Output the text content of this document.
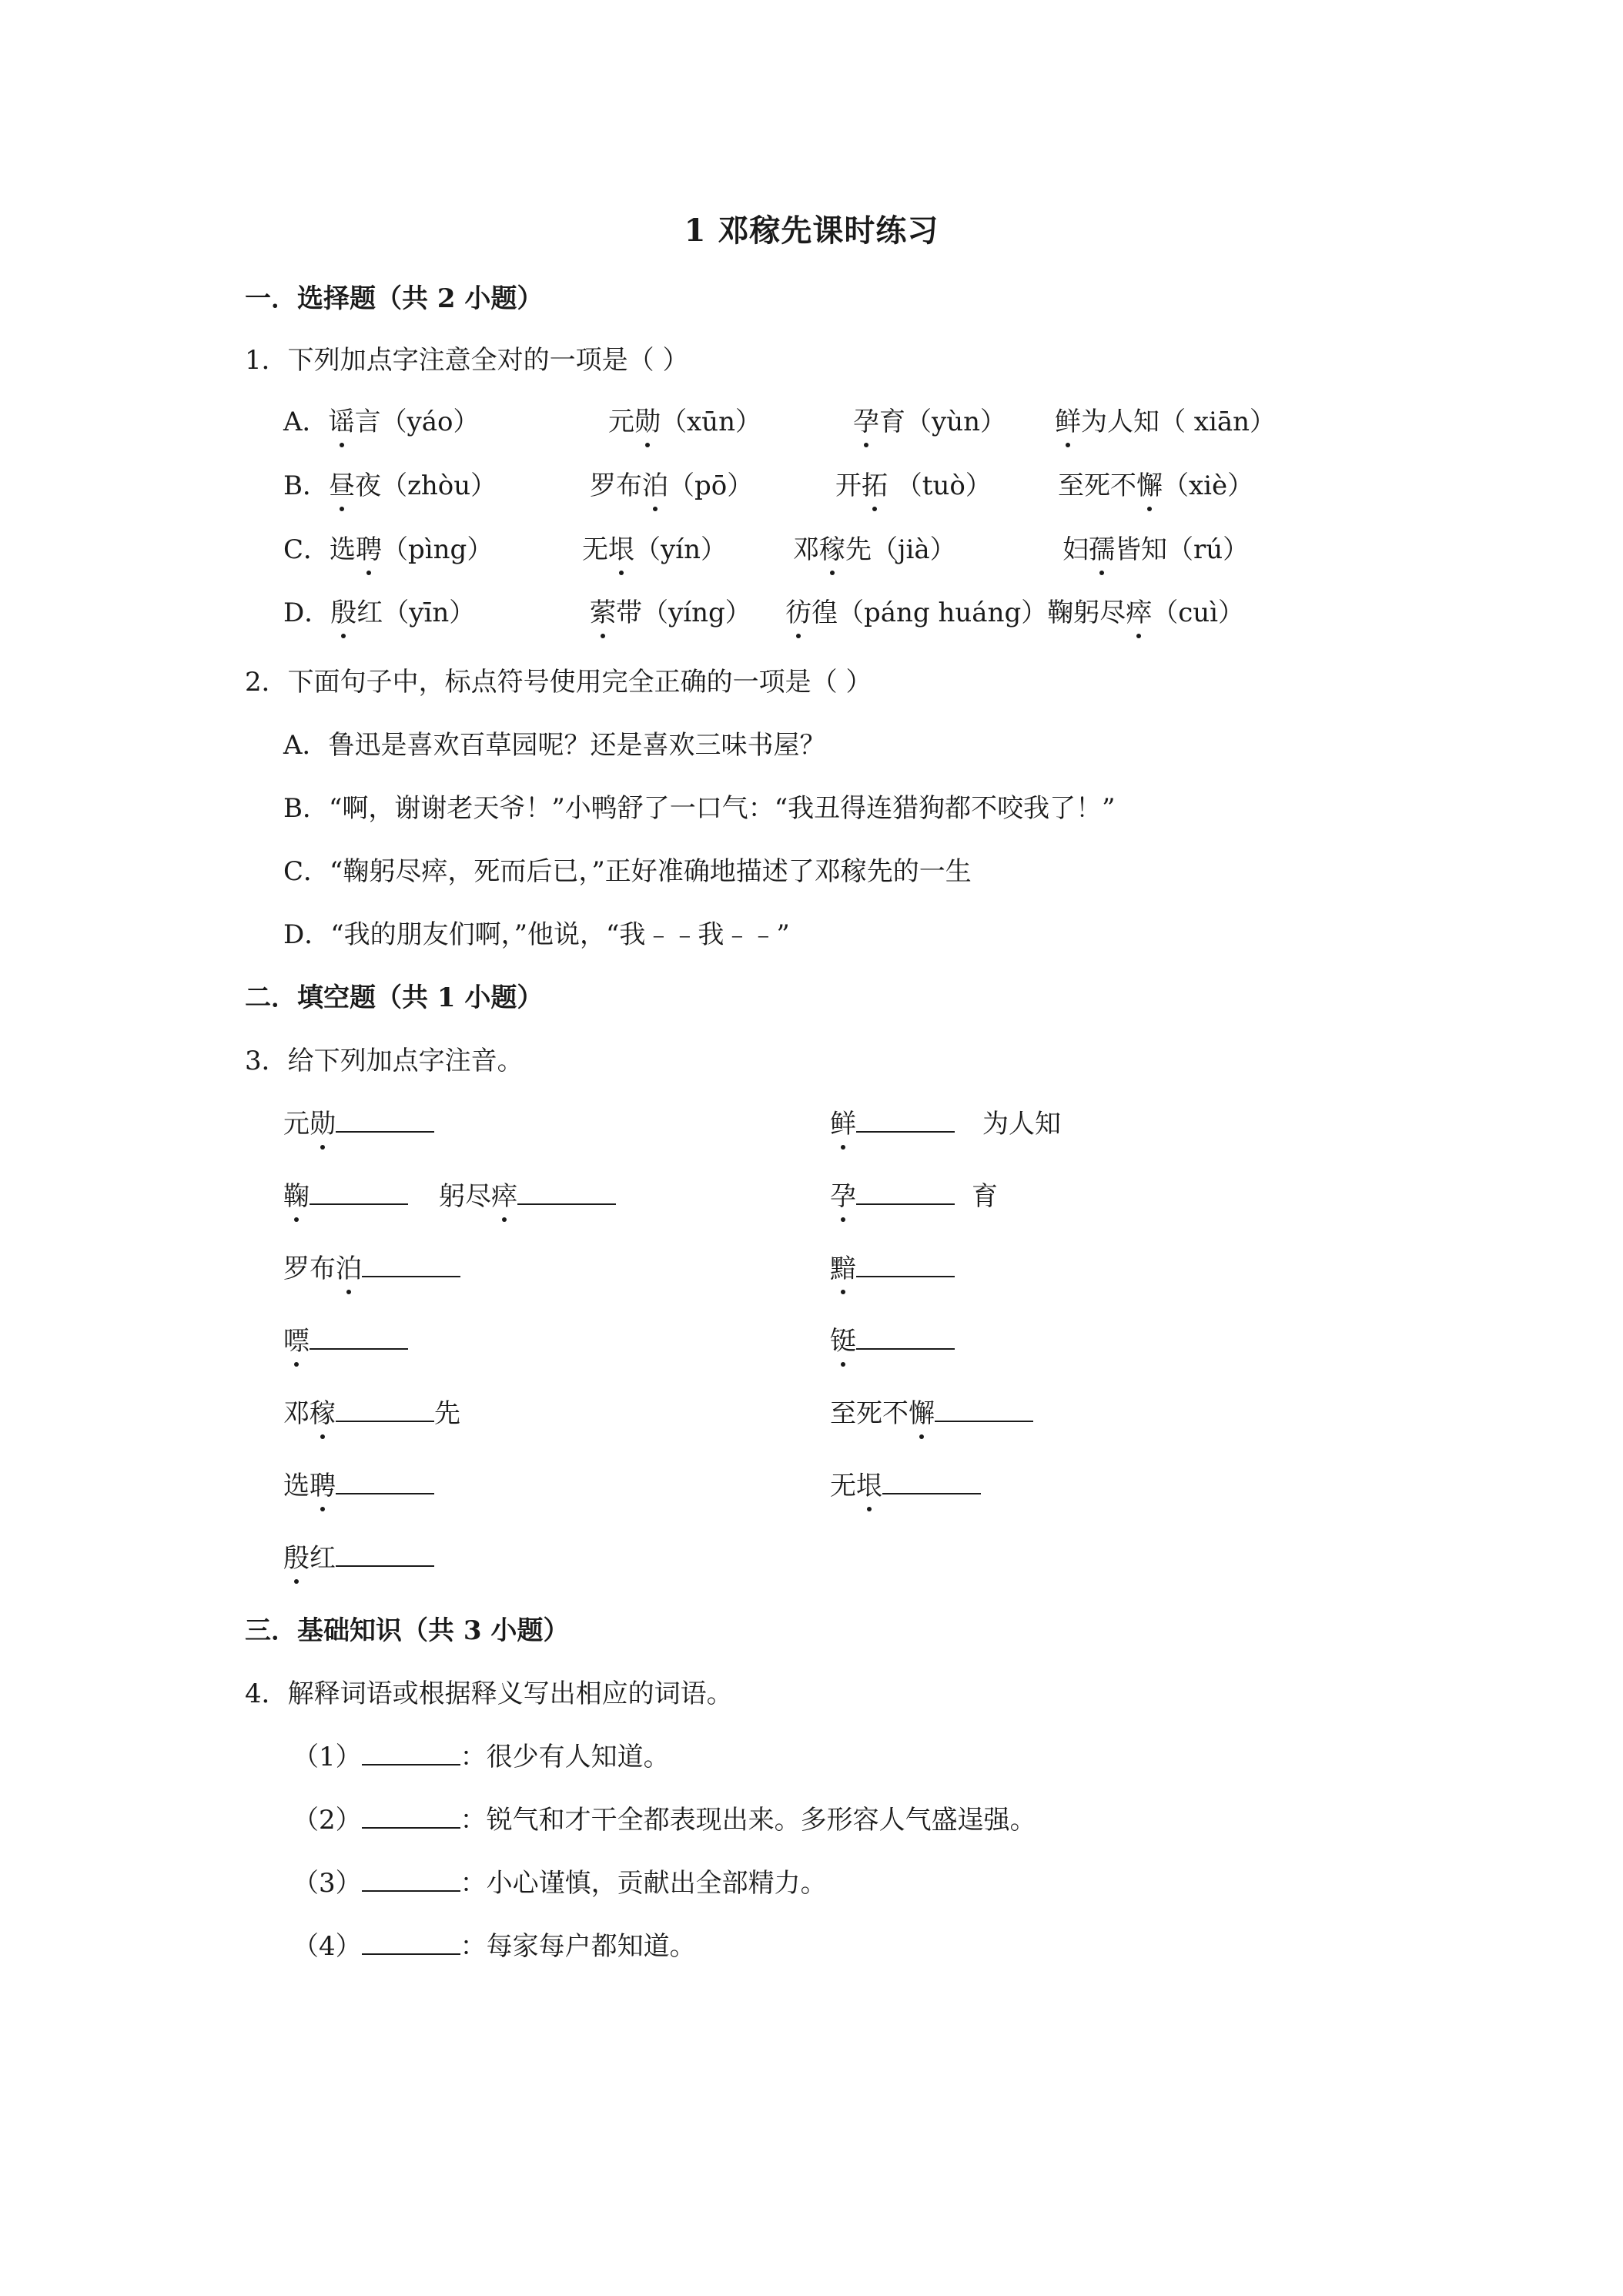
1 邓稼先课时练习
一．选择题（共 2 小题）
1．下列加点字注意全对的一项是（ ）
A．谣言（yáo）	元勋（xūn）	孕育（yùn） 鲜为人知（ xiān）
B．昼夜（zhòu）	罗布泊（pō）	开拓 （tuò）	至死不懈（xiè）
C．选聘（pìng）	无垠（yín）	邓稼先（jià）	妇孺皆知（rú）
D．殷红（yīn）	萦带（yíng） 彷徨（páng huáng）鞠躬尽瘁（cuì）
2．下面句子中，标点符号使用完全正确的一项是（ ）
A．鲁迅是喜欢百草园呢？还是喜欢三味书屋？
B．“啊，谢谢老天爷！”小鸭舒了一口气：“我丑得连猎狗都不咬我了！”
C．“鞠躬尽瘁，死而后已，”正好准确地描述了邓稼先的一生
D．“我的朋友们啊，”他说，“我﹣﹣我﹣﹣”
二．填空题（共 1 小题）
3．给下列加点字注音。
元勋
鞠	躬尽瘁
罗布泊
嘌
邓稼	先
选聘
殷红
鲜	为人知
孕	育
黯
铤
至死不懈
无垠
三．基础知识（共 3 小题）
4．解释词语或根据释义写出相应的词语。
（1）	：很少有人知道。
（2）	：锐气和才干全都表现出来。多形容人气盛逞强。
（3）	：小心谨慎，贡献出全部精力。
（4）	：每家每户都知道。
